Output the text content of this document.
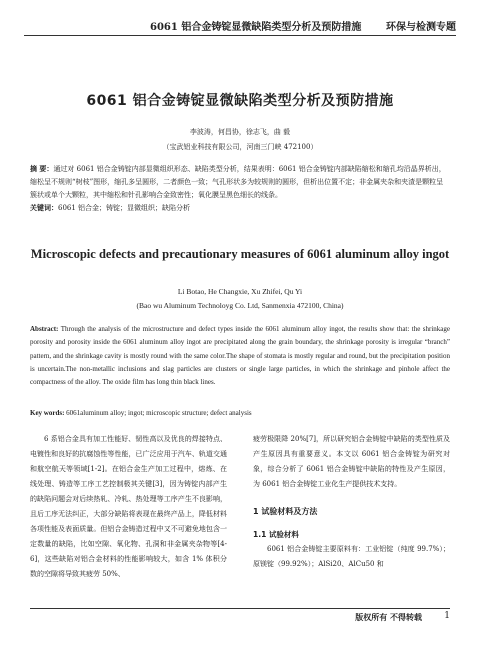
6061 铝合金铸锭显微缺陷类型分析及预防措施 环保与检测专题
6061 铝合金铸锭显微缺陷类型分析及预防措施
李波涛，何昌协，徐志飞，曲 毅
（宝武铝业科技有限公司，河南三门峡 472100）
摘 要：通过对 6061 铝合金铸锭内部显微组织形态、缺陷类型分析，结果表明：6061 铝合金铸锭内部缺陷缩松和缩孔均沿晶界析出，缩松呈不规则“树枝”图形，缩孔多呈圆形，二者颜色一致；气孔形状多为较规则的圆形，但析出位置不定；非金属夹杂和夹渣是颗粒呈簇状或单个大颗粒，其中缩松和针孔影响合金致密性；氧化膜呈黑色细长的线条。
关键词：6061 铝合金；铸锭；显微组织；缺陷分析
Microscopic defects and precautionary measures of 6061 aluminum alloy ingot
Li Botao, He Changxie, Xu Zhifei, Qu Yi
(Bao wu Aluminum Technoloyg Co. Ltd, Sanmenxia 472100, China)
Abstract: Through the analysis of the microstructure and defect types inside the 6061 aluminum alloy ingot, the results show that: the shrinkage porosity and porosity inside the 6061 aluminum alloy ingot are precipitated along the grain boundary, the shrinkage porosity is irregular “branch” pattern, and the shrinkage cavity is mostly round with the same color.The shape of stomata is mostly regular and round, but the precipitation position is uncertain.The non-metallic inclusions and slag particles are clusters or single large particles, in which the shrinkage and pinhole affect the compactness of the alloy. The oxide film has long thin black lines.
Key words: 6061aluminum alloy; ingot; microscopic structure; defect analysis

6 系铝合金具有加工性能好、韧性高以及优良的焊接特点、电镀性和良好的抗腐蚀性等性能，已广泛应用于汽车、轨道交通和航空航天等领域[1-2]。在铝合金生产加工过程中，熔炼、在线处理、铸造等工序工艺控制极其关键[3]，因为铸锭内部产生的缺陷问题会对后续热轧、冷轧、热处理等工序产生不良影响，且后工序无法纠正，大部分缺陷将表现在最终产品上，降低材料各项性能及表面质量。但铝合金铸造过程中又不可避免地包含一定数量的缺陷，比如空隙、氧化物、孔洞和非金属夹杂物等[4-6]，这些缺陷对铝合金材料的性能影响较大，如含 1% 体积分数的空隙将导致其疲劳 50%、

疲劳极限降 20%[7]，所以研究铝合金铸锭中缺陷的类型性质及产生原因具有重要意义。本文以 6061 铝合金铸锭为研究对象，综合分析了 6061 铝合金铸锭中缺陷的特性及产生原因，为 6061 铝合金铸锭工业化生产提供技术支持。

1 试验材料及方法

1.1 试验材料

6061 铝合金铸锭主要原料有：工业铝锭（纯度 99.7%）；原镁锭（99.92%）；AlSi20、AlCu50 和

版权所有 不得转载 1
